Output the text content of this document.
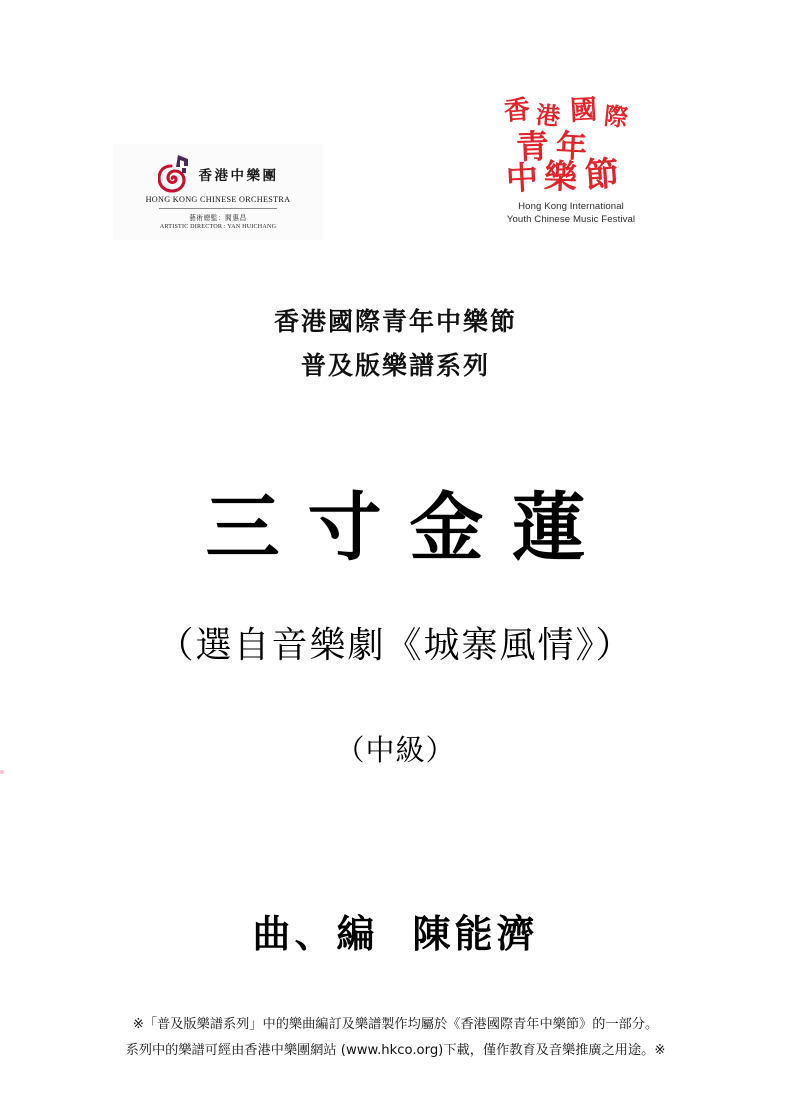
香港中樂團
HONG KONG CHINESE ORCHESTRA
藝術總監：閻惠昌
ARTISTIC DIRECTOR : YAN HUICHANG
香 港 國 際
青 年
中 樂 節
Hong Kong International
Youth Chinese Music Festival
香港國際青年中樂節
普及版樂譜系列
三寸金蓮
（選自音樂劇《城寨風情》）
（中級）
曲、編 陳能濟
※「普及版樂譜系列」中的樂曲編訂及樂譜製作均屬於《香港國際青年中樂節》的一部分。
系列中的樂譜可經由香港中樂團網站 (www.hkco.org)下載，僅作教育及音樂推廣之用途。※
